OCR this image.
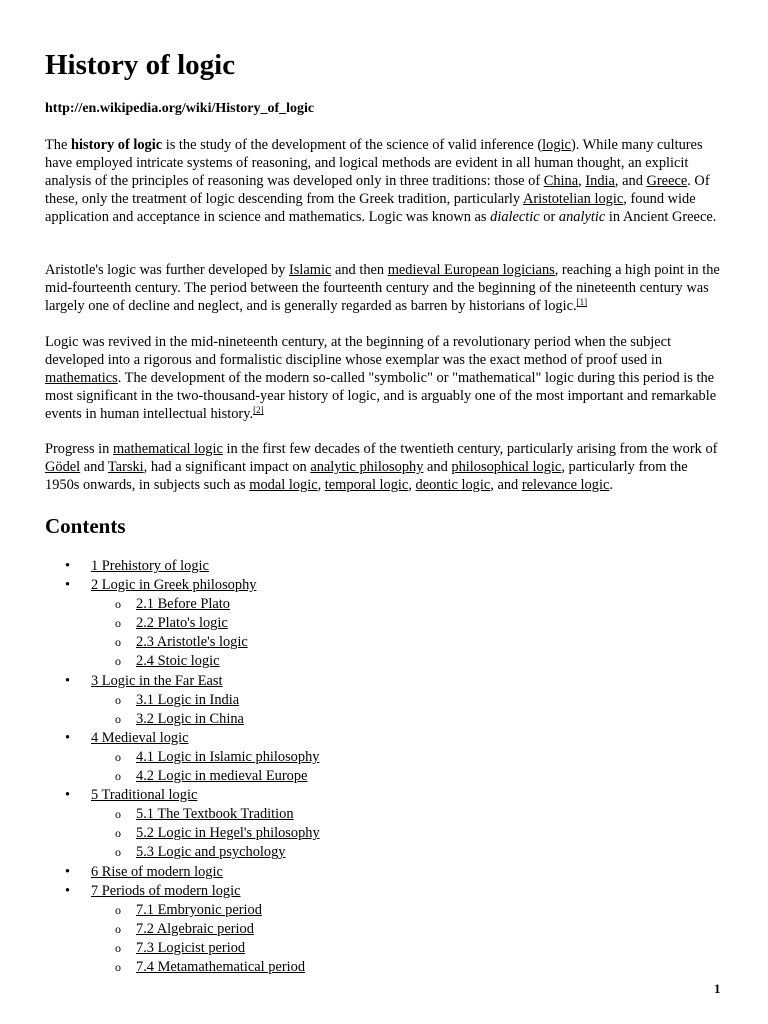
History of logic

http://en.wikipedia.org/wiki/History_of_logic

The history of logic is the study of the development of the science of valid inference (logic). While many cultures have employed intricate systems of reasoning, and logical methods are evident in all human thought, an explicit analysis of the principles of reasoning was developed only in three traditions: those of China, India, and Greece. Of these, only the treatment of logic descending from the Greek tradition, particularly Aristotelian logic, found wide application and acceptance in science and mathematics. Logic was known as dialectic or analytic in Ancient Greece.

Aristotle's logic was further developed by Islamic and then medieval European logicians, reaching a high point in the mid-fourteenth century. The period between the fourteenth century and the beginning of the nineteenth century was largely one of decline and neglect, and is generally regarded as barren by historians of logic.[1]

Logic was revived in the mid-nineteenth century, at the beginning of a revolutionary period when the subject developed into a rigorous and formalistic discipline whose exemplar was the exact method of proof used in mathematics. The development of the modern so-called "symbolic" or "mathematical" logic during this period is the most significant in the two-thousand-year history of logic, and is arguably one of the most important and remarkable events in human intellectual history.[2]

Progress in mathematical logic in the first few decades of the twentieth century, particularly arising from the work of Gödel and Tarski, had a significant impact on analytic philosophy and philosophical logic, particularly from the 1950s onwards, in subjects such as modal logic, temporal logic, deontic logic, and relevance logic.

Contents
• 1 Prehistory of logic
• 2 Logic in Greek philosophy
o 2.1 Before Plato
o 2.2 Plato's logic
o 2.3 Aristotle's logic
o 2.4 Stoic logic
• 3 Logic in the Far East
o 3.1 Logic in India
o 3.2 Logic in China
• 4 Medieval logic
o 4.1 Logic in Islamic philosophy
o 4.2 Logic in medieval Europe
• 5 Traditional logic
o 5.1 The Textbook Tradition
o 5.2 Logic in Hegel's philosophy
o 5.3 Logic and psychology
• 6 Rise of modern logic
• 7 Periods of modern logic
o 7.1 Embryonic period
o 7.2 Algebraic period
o 7.3 Logicist period
o 7.4 Metamathematical period
1
